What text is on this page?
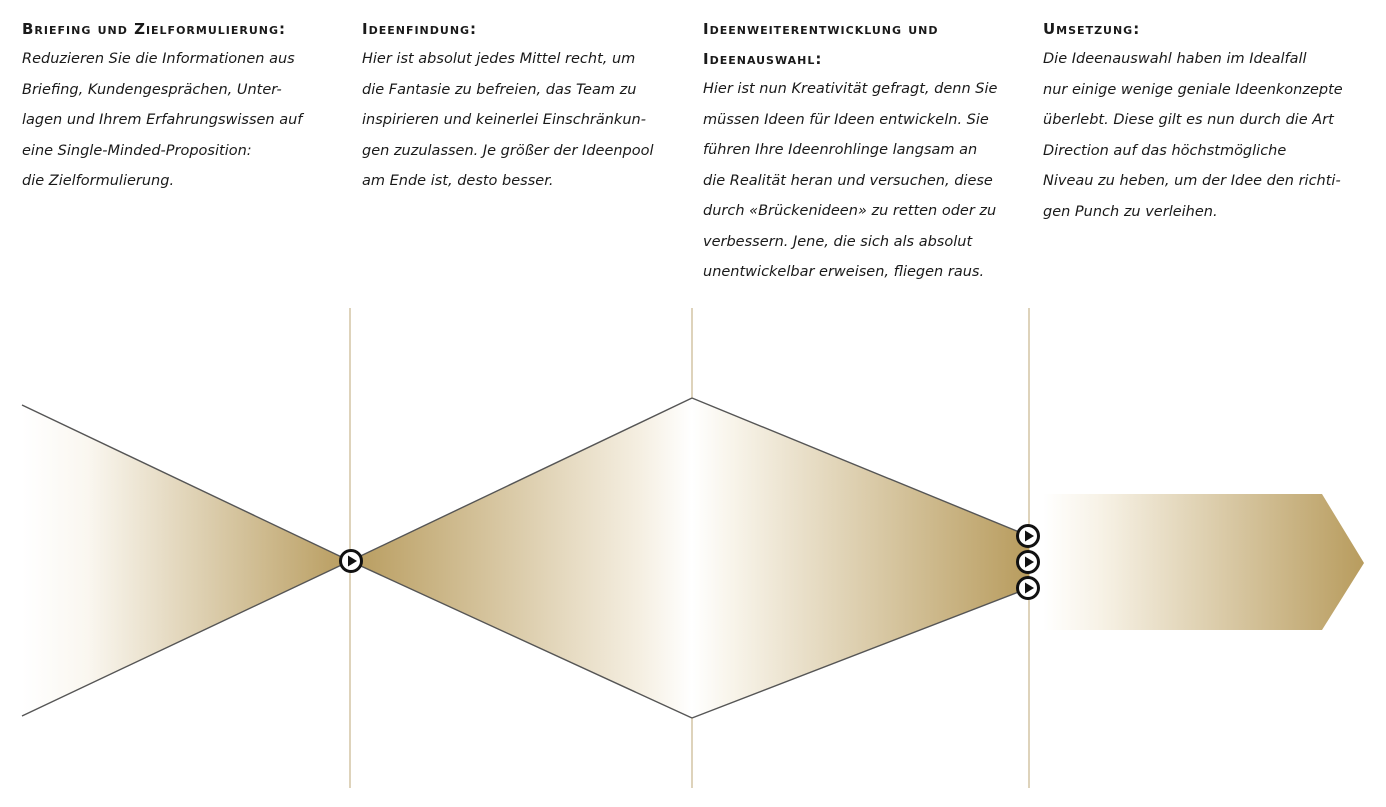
Briefing und Zielformulierung:

Reduzieren Sie die Informationen aus
Briefing, Kundengesprächen, Unter-
lagen und Ihrem Erfahrungswissen auf
eine Single-Minded-Proposition:
die Zielformulierung.

Ideenfindung:

Hier ist absolut jedes Mittel recht, um
die Fantasie zu befreien, das Team zu
inspirieren und keinerlei Einschränkun-
gen zuzulassen. Je größer der Ideenpool
am Ende ist, desto besser.

Ideenweiterentwicklung und
Ideenauswahl:

Hier ist nun Kreativität gefragt, denn Sie
müssen Ideen für Ideen entwickeln. Sie
führen Ihre Ideenrohlinge langsam an
die Realität heran und versuchen, diese
durch «Brückenideen» zu retten oder zu
verbessern. Jene, die sich als absolut
unentwickelbar erweisen, fliegen raus.

Umsetzung:

Die Ideenauswahl haben im Idealfall
nur einige wenige geniale Ideenkonzepte
überlebt. Diese gilt es nun durch die Art
Direction auf das höchstmögliche
Niveau zu heben, um der Idee den richti-
gen Punch zu verleihen.
